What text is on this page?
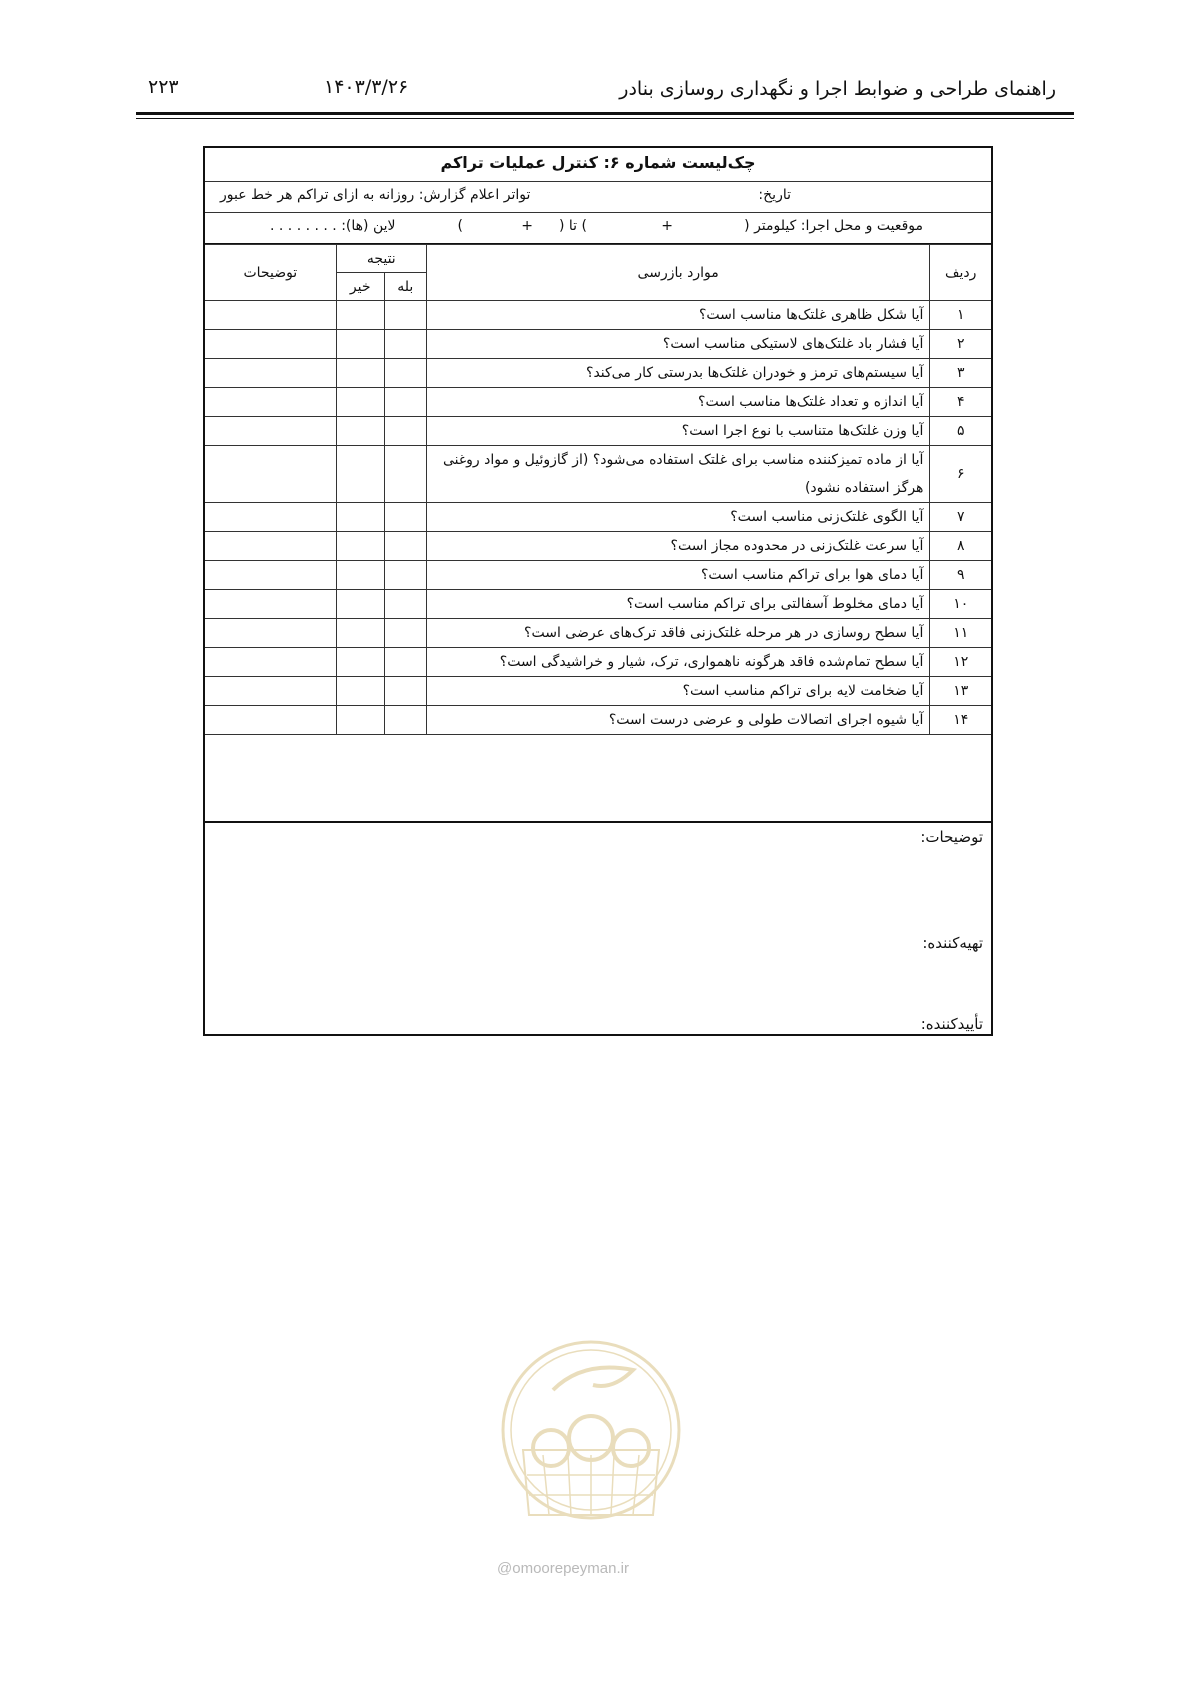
راهنمای طراحی و ضوابط اجرا و نگهداری روسازی بنادر
۱۴۰۳/۳/۲۶
۲۲۳
چک‌لیست شماره ۶: کنترل عملیات تراکم
تاریخ:
تواتر اعلام گزارش: روزانه به ازای تراکم هر خط عبور
موقعیت و محل اجرا: کیلومتر (
+
) تا (
+
)
لاین (ها): . . . . . . . .
ردیف	موارد بازرسی	نتیجه		توضیحات
		بله	خیر	
۱	آیا شکل ظاهری غلتک‌ها مناسب است؟			
۲	آیا فشار باد غلتک‌های لاستیکی مناسب است؟			
۳	آیا سیستم‌های ترمز و خودران غلتک‌ها بدرستی کار می‌کند؟			
۴	آیا اندازه و تعداد غلتک‌ها مناسب است؟			
۵	آیا وزن غلتک‌ها متناسب با نوع اجرا است؟			
۶	آیا از ماده تمیزکننده مناسب برای غلتک استفاده می‌شود؟ (از گازوئیل و مواد روغنی هرگز استفاده نشود)			
۷	آیا الگوی غلتک‌زنی مناسب است؟			
۸	آیا سرعت غلتک‌زنی در محدوده مجاز است؟			
۹	آیا دمای هوا برای تراکم مناسب است؟			
۱۰	آیا دمای مخلوط آسفالتی برای تراکم مناسب است؟			
۱۱	آیا سطح روسازی در هر مرحله غلتک‌زنی فاقد ترک‌های عرضی است؟			
۱۲	آیا سطح تمام‌شده فاقد هرگونه ناهمواری، ترک، شیار و خراشیدگی است؟			
۱۳	آیا ضخامت لایه برای تراکم مناسب است؟			
۱۴	آیا شیوه اجرای اتصالات طولی و عرضی درست است؟			
توضیحات:
تهیه‌کننده:
تأییدکننده:
@omoorepeyman.ir
